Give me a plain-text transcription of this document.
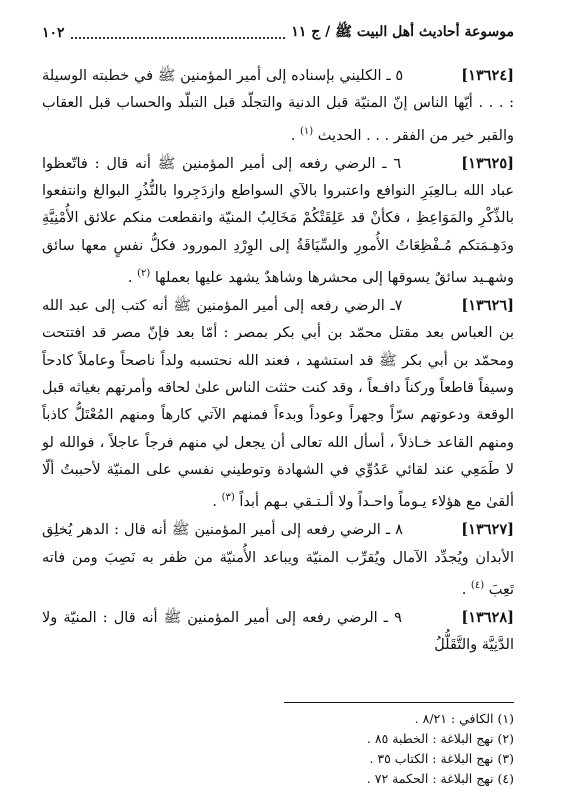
موسوعة أحاديث أهل البيت ﷺ / ج ١١
١٠٢

[١٣٦٢٤] ٥ ـ الكليني بإسناده إلى أمير المؤمنين ﷺ في خطبته الوسيلة : . . . أيّها الناس إنّ المنيّة قبل الدنية والتجلّد قبل التبلّد والحساب قبل العقاب والقبر خير من الفقر . . . الحديث $^{(١)}$ .

[١٣٦٢٥] ٦ ـ الرضي رفعه إلى أمير المؤمنين ﷺ أنه قال : فاتّعظوا عباد الله بـالعِبَرِ النوافع واعتبروا بالآي السواطع وازدَجِروا بالنُّذُرِ البوالغ وانتفعوا بالذِّكْرِ والمَوَاعِظِ ، فكأنْ قد عَلِقَتْكُمْ مَخَالِبُ المنيّة وانقطعت منكم علائق الأُمْنِيَّةِ ودَهِـمَتكم مُـفْظِعَاتُ الأُمورِ والسِّيَاقَةُ إلى الوِرْدِ المورود فكلُّ نفسٍ معها سائق وشهـيد سائقٌ يسوقها إلى محشرها وشاهدٌ يشهد عليها بعملها $^{(٢)}$ .

[١٣٦٢٦] ٧ـ الرضي رفعه إلى أمير المؤمنين ﷺ أنه كتب إلى عبد الله بن العباس بعد مقتل محمّد بن أبي بكر بمصر : أمّا بعد فإنّ مصر قد افتتحت ومحمّد بن أبي بكر ﷺ قد استشهد ، فعند الله نحتسبه ولداً ناصحاً وعاملاً كادحاً وسيفاً قاطعاً وركناً دافـعاً ، وقد كنت حثثت الناس علىٰ لحاقه وأمرتهم بغياثه قبل الوقعة ودعوتهم سرّاً وجهراً وعوداً وبدءاً فمنهم الآتي كارهاً ومنهم المُعْتَلُّ كاذباً ومنهم القاعد خـاذلاً ، أسأل الله تعالى أن يجعل لي منهم فرجاً عاجلاً ، فوالله لو لا طَمَعِي عند لقائي عَدُوِّي في الشهادة وتوطيني نفسي على المنيّة لأحببتُ ألّا ألقىٰ مع هؤلاء يـوماً واحـداً ولا ألـتـقي بـهم أبداً $^{(٣)}$ .

[١٣٦٢٧] ٨ ـ الرضي رفعه إلى أمير المؤمنين ﷺ أنه قال : الدهر يُخلِق الأبدان ويُجدِّد الآمال ويُقرِّب المنيّة ويباعد الأُمنيّة من ظفر به نَصِبَ ومن فاته تَعِبَ $^{(٤)}$ .

[١٣٦٢٨] ٩ ـ الرضي رفعه إلى أمير المؤمنين ﷺ أنه قال : المنيّة ولا الدَّنِيَّة والتَّقَلُّلُ

(١) الكافي : ٨/٢١ .

(٢) نهج البلاغة : الخطبة ٨٥ .

(٣) نهج البلاغة : الكتاب ٣٥ .

(٤) نهج البلاغة : الحكمة ٧٢ .
